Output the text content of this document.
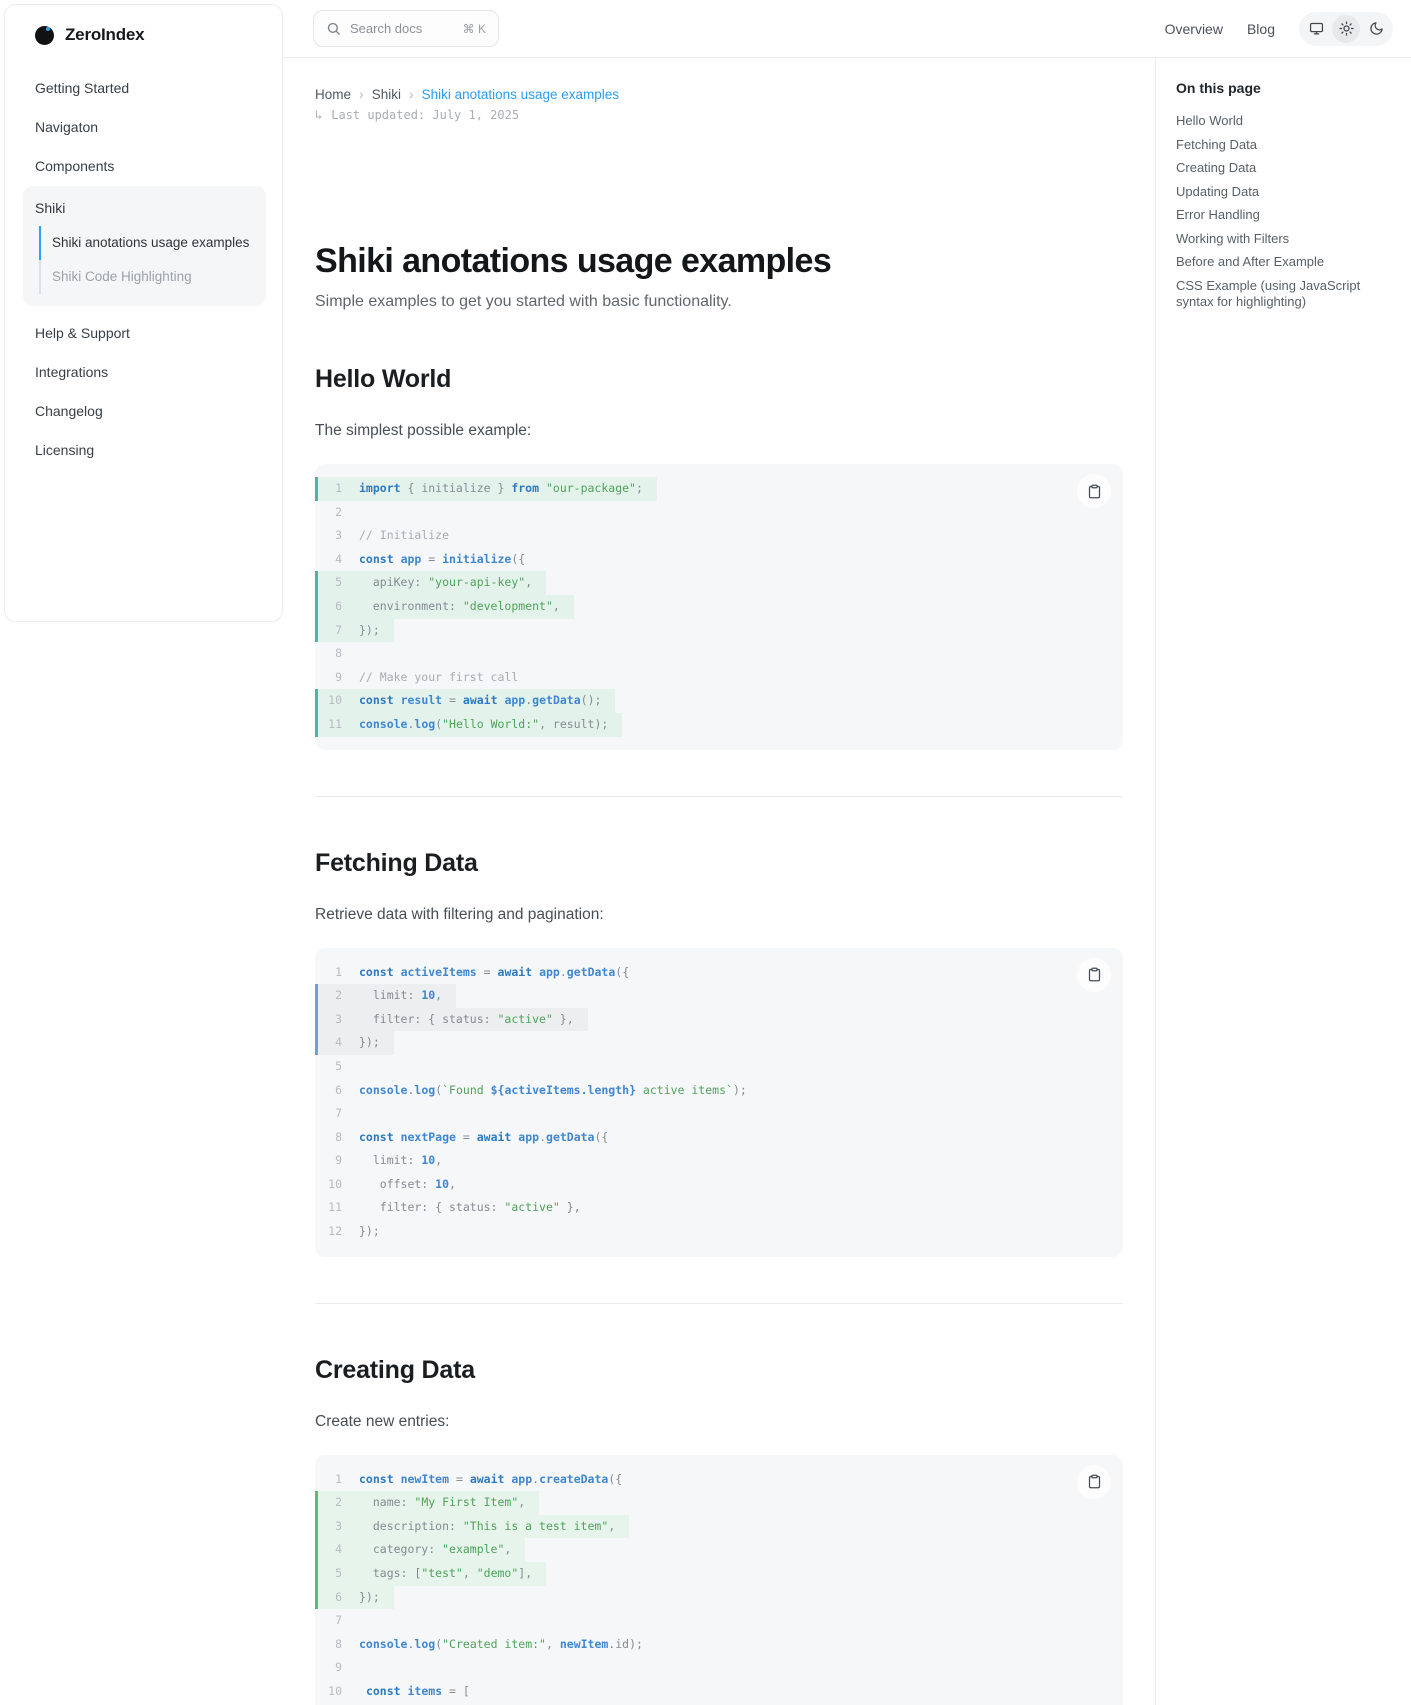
ZeroIndex
Getting Started
Navigaton
Components
Shiki
Shiki anotations usage examples
Shiki Code Highlighting
Help & Support
Integrations
Changelog
Licensing
Search docs	⌘ K	Overview Blog
Home › Shiki › Shiki anotations usage examples
↳ Last updated: July 1, 2025
Shiki anotations usage examples

Simple examples to get you started with basic functionality.

Hello World

The simplest possible example:

1 import { initialize } from "our-package";
2
3 // Initialize
4 const app = initialize({
5 apiKey: "your-api-key",
6 environment: "development",
7 });
8
9 // Make your first call
10 const result = await app.getData();
11 console.log("Hello World:", result);
Fetching Data

Retrieve data with filtering and pagination:

1 const activeItems = await app.getData({
2 limit: 10,
3 filter: { status: "active" },
4 });
5
6 console.log(`Found ${activeItems.length} active items`);
7
8 const nextPage = await app.getData({
9 limit: 10,
10 offset: 10,
11 filter: { status: "active" },
12 });
Creating Data

Create new entries:

1 const newItem = await app.createData({
2 name: "My First Item",
3 description: "This is a test item",
4 category: "example",
5 tags: ["test", "demo"],
6 });
7
8 console.log("Created item:", newItem.id);
9
10	const items = [
On this page
Hello World
Fetching Data
Creating Data
Updating Data
Error Handling
Working with Filters
Before and After Example
CSS Example (using JavaScript syntax for highlighting)
